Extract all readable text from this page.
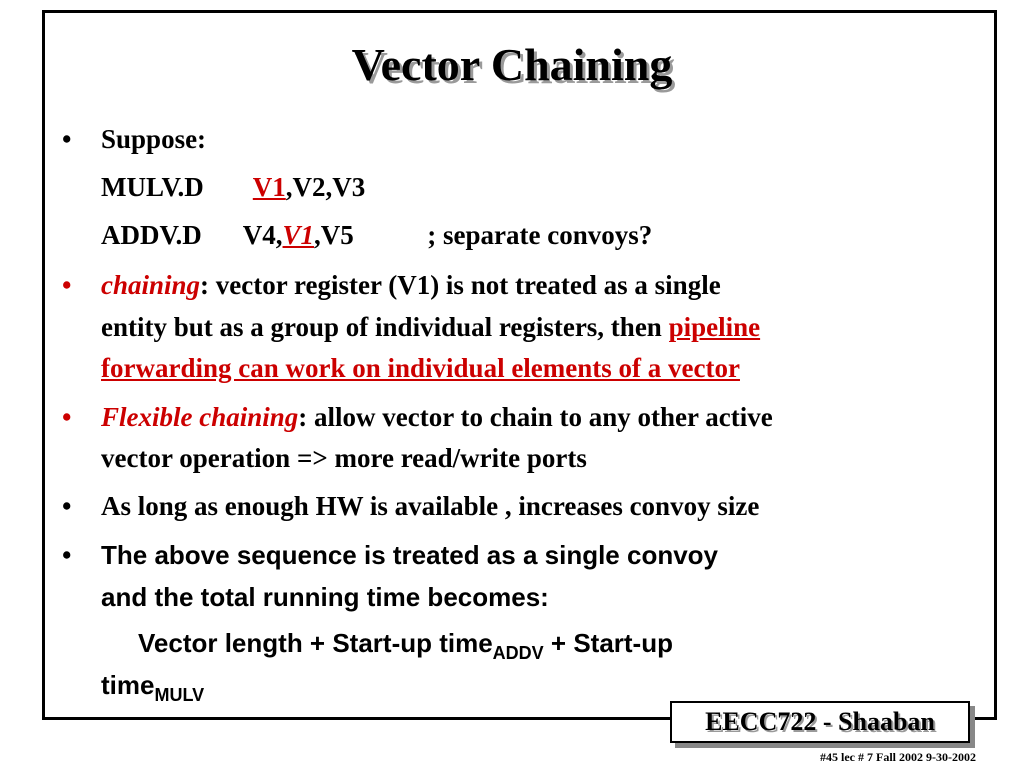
Vector Chaining
• Suppose:
MULV.D V1,V2,V3
ADDV.D V4,V1,V5	; separate convoys?
• chaining: vector register (V1) is not treated as a single
entity but as a group of individual registers, then pipeline
forwarding can work on individual elements of a vector
• Flexible chaining: allow vector to chain to any other active
vector operation => more read/write ports
• As long as enough HW is available , increases convoy size
• The above sequence is treated as a single convoy
and the total running time becomes:
Vector length + Start-up time$_{ADDV}$ + Start-up
time$_{MULV}$
EECC722 - Shaaban
#45 lec # 7 Fall 2002 9-30-2002
